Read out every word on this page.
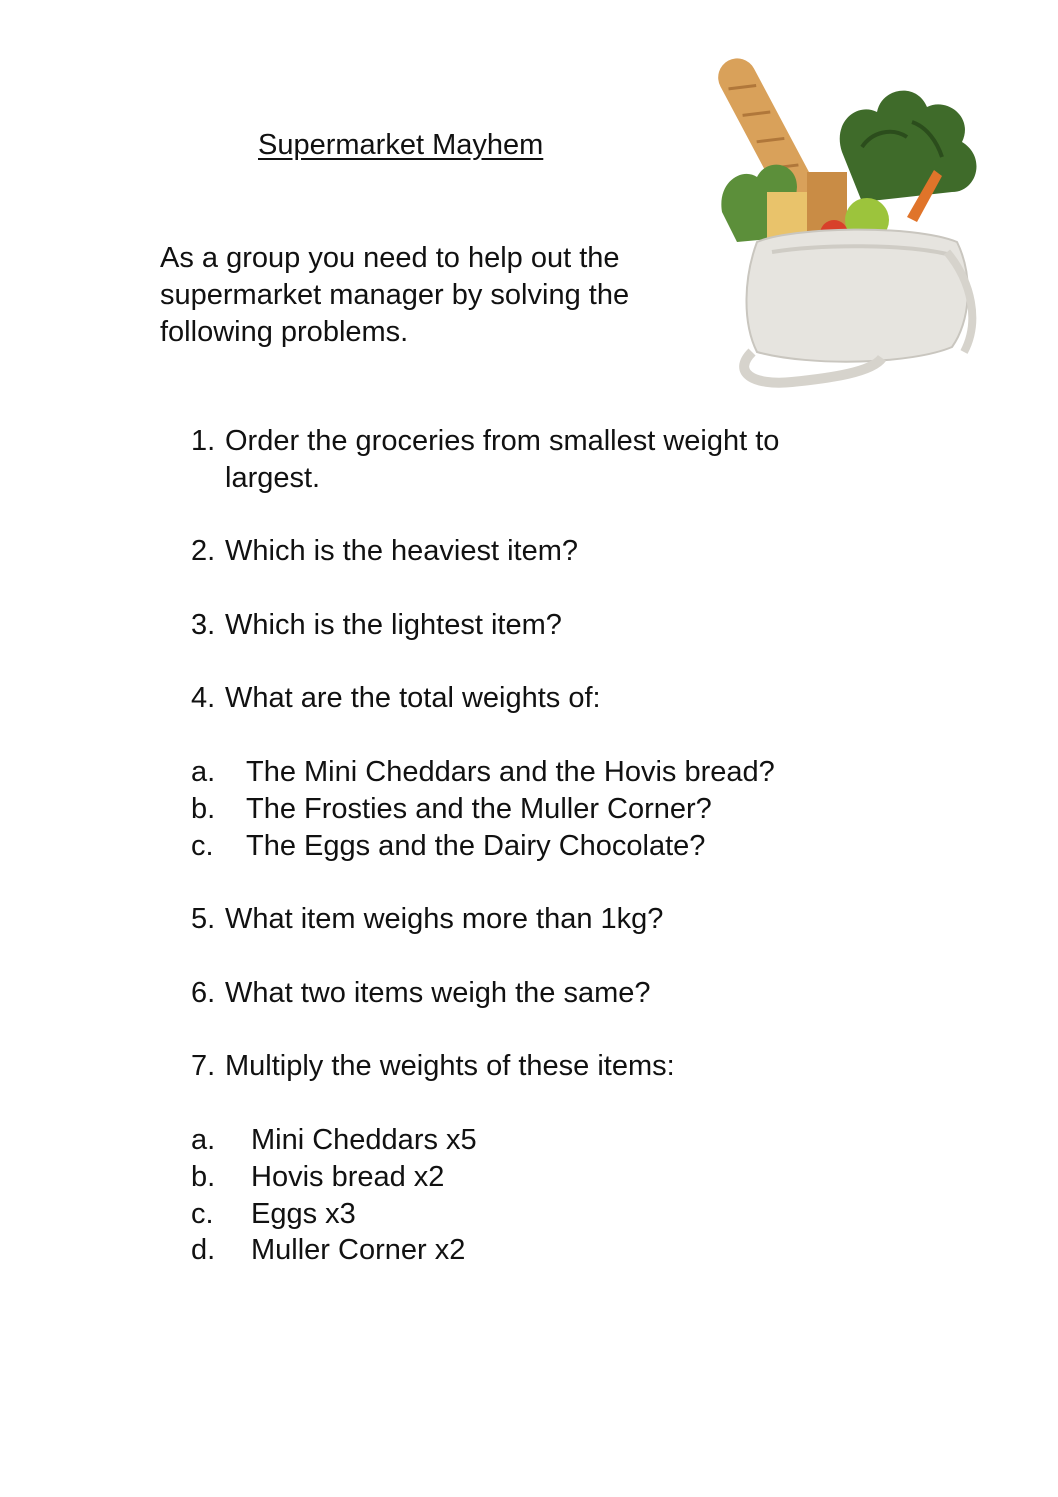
Supermarket Mayhem
As a group you need to help out the supermarket manager by solving the following problems.
1. Order the groceries from smallest weight to largest.
2. Which is the heaviest item?
3. Which is the lightest item?
4. What are the total weights of:
a. The Mini Cheddars and the Hovis bread?
b. The Frosties and the Muller Corner?
c. The Eggs and the Dairy Chocolate?
5. What item weighs more than 1kg?
6. What two items weigh the same?
7. Multiply the weights of these items:
a. Mini Cheddars x5
b. Hovis bread x2
c. Eggs x3
d. Muller Corner x2
